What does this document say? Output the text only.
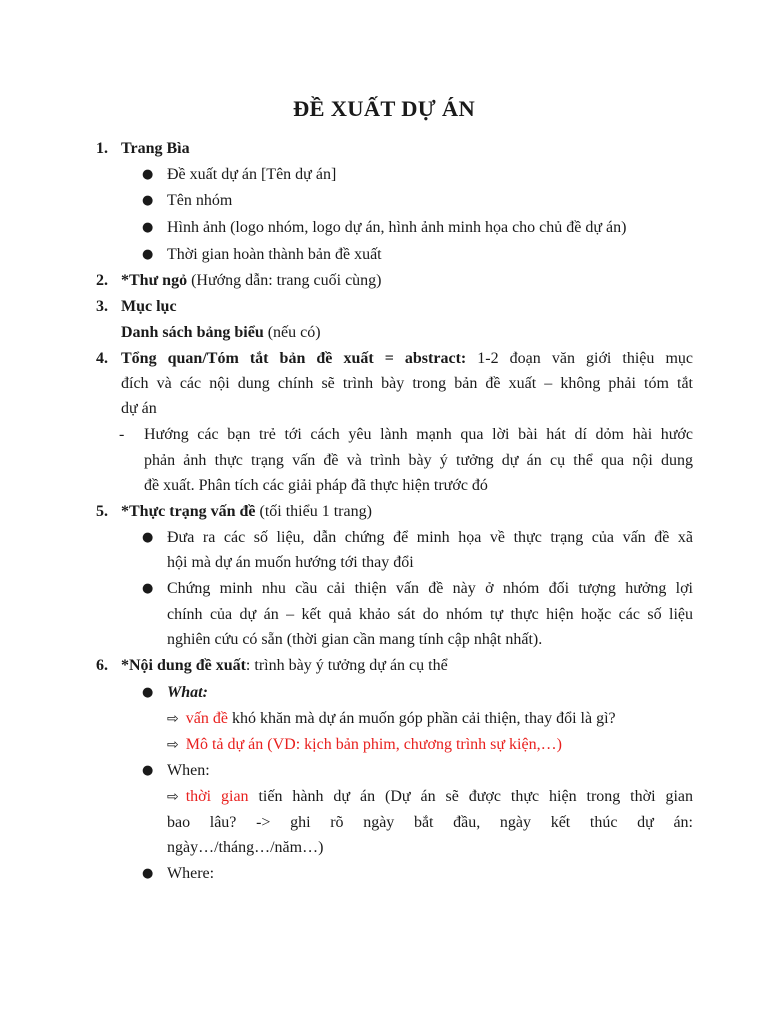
ĐỀ XUẤT DỰ ÁN
1. Trang Bìa
● Đề xuất dự án [Tên dự án]
● Tên nhóm
● Hình ảnh (logo nhóm, logo dự án, hình ảnh minh họa cho chủ đề dự án)
● Thời gian hoàn thành bản đề xuất
2. *Thư ngỏ (Hướng dẫn: trang cuối cùng)
3. Mục lục
Danh sách bảng biểu (nếu có)
4. Tổng quan/Tóm tắt bản đề xuất = abstract: 1-2 đoạn văn giới thiệu mục
đích và các nội dung chính sẽ trình bày trong bản đề xuất – không phải tóm tắt
dự án
- Hướng các bạn trẻ tới cách yêu lành mạnh qua lời bài hát dí dỏm hài hước
phản ảnh thực trạng vấn đề và trình bày ý tưởng dự án cụ thể qua nội dung
đề xuất. Phân tích các giải pháp đã thực hiện trước đó
5. *Thực trạng vấn đề (tối thiểu 1 trang)
● Đưa ra các số liệu, dẫn chứng để minh họa về thực trạng của vấn đề xã
hội mà dự án muốn hướng tới thay đổi
● Chứng minh nhu cầu cải thiện vấn đề này ở nhóm đối tượng hưởng lợi
chính của dự án – kết quả khảo sát do nhóm tự thực hiện hoặc các số liệu
nghiên cứu có sẵn (thời gian cần mang tính cập nhật nhất).
6. *Nội dung đề xuất: trình bày ý tưởng dự án cụ thể
● What:
⇨ vấn đề khó khăn mà dự án muốn góp phần cải thiện, thay đổi là gì?
⇨ Mô tả dự án (VD: kịch bản phim, chương trình sự kiện,…)
● When:
⇨ thời gian tiến hành dự án (Dự án sẽ được thực hiện trong thời gian
bao lâu? -> ghi rõ ngày bắt đầu, ngày kết thúc dự án:
ngày…/tháng…/năm…)
● Where:
